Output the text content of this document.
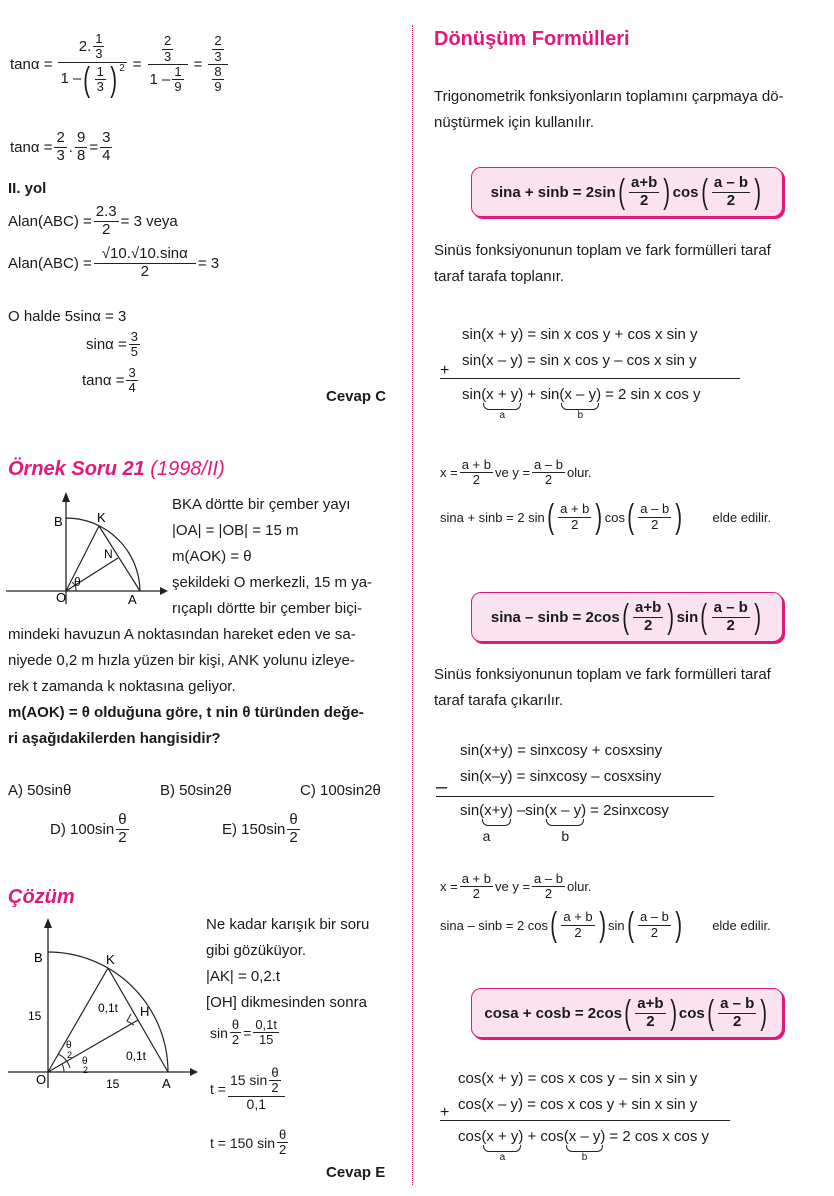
$\tan\alpha = \frac{2. \frac{1}{3}}{1 - ( \frac{1}{3} )^2} = \frac{\frac{2}{3}}{1 - \frac{1}{9}} = \frac{\frac{2}{3}}{\frac{8}{9}}$
$\tan\alpha = \frac{2}{3}$ . $\frac{9}{8} = \frac{3}{4}$
II. yol
Alan(ABC) = $\frac{2.3}{2} = 3$ veya
Alan(ABC) = $\frac{√10.√10.\sin\alpha}{2} = 3$
O halde 5sinα = 3
$\sin\alpha = \frac{3}{5}$
$\tan\alpha = \frac{3}{4}$
Cevap C
Örnek Soru 21 (1998/II)
B	K
N
O	A
θ
BKA dörtte bir çember yayı
|OA| = |OB| = 15 m
m(AOK) = θ
şekildeki O merkezli, 15 m ya-
rıçaplı dörtte bir çember biçi-
mindeki havuzun A noktasından hareket eden ve sa-
niyede 0,2 m hızla yüzen bir kişi, ANK yolunu izleye-
rek t zamanda k noktasına geliyor.
m(AOK) = θ olduğuna göre, t nin θ türünden değe-
ri aşağıdakilerden hangisidir?
A) 50sinθ	B) 50sin2θ	C) 100sin2θ
D) $100\sin \frac{\theta}{2}$	E) $150\sin \frac{\theta}{2}$
Çözüm
B	K
H
O	A
15
15
0,1t
0,1t
θ
2
θ
2
Ne kadar karışık bir soru
gibi gözüküyor.
|AK| = 0,2.t
[OH] dikmesinden sonra
$\sin \frac{\theta}{2} = \frac{0,1t}{15}$
$t = \frac{15 \sin \frac{\theta}{2}}{0,1}$
t = 150 $\sin \frac{\theta}{2}$
Cevap E
Dönüşüm Formülleri
Trigonometrik fonksiyonların toplamını çarpmaya dö-
nüştürmek için kullanılır.
sina + sinb = 2sin ( $\frac{a+b}{2}$ ) cos ( $\frac{a - b}{2}$ )
Sinüs fonksiyonunun toplam ve fark formülleri taraf
taraf tarafa toplanır.
sin(x + y) = sin x cos y + cos x sin y
sin(x – y) = sin x cos y – cos x sin y
+
sin (x + y)
a
+ sin (x – y)
b
= 2 sin x cos y
$x = \frac{a + b}{2}$ ve $y = \frac{a - b}{2}$ olur.
sina + sinb = 2 sin ( $\frac{a + b}{2}$ ) cos ( $\frac{a - b}{2}$ ) elde edilir.
sina – sinb = 2cos ( $\frac{a+b}{2}$ ) sin ( $\frac{a - b}{2}$ )
Sinüs fonksiyonunun toplam ve fark formülleri taraf
taraf tarafa çıkarılır.
sin(x+y) = sinxcosy + cosxsiny
sin(x–y) = sinxcosy – cosxsiny
–
sin(x+y)
a
– sin (x – y)
b
= 2sinxcosy
$x = \frac{a + b}{2}$ ve $y = \frac{a - b}{2}$ olur.
sina – sinb = 2 cos ( $\frac{a + b}{2}$ ) sin ( $\frac{a - b}{2}$ ) elde edilir.
cosa + cosb = 2cos ( $\frac{a+b}{2}$ ) cos ( $\frac{a - b}{2}$ )
cos(x + y) = cos x cos y – sin x sin y
cos(x – y) = cos x cos y + sin x sin y
+
cos (x + y)
a
+ cos (x – y)
b
= 2 cos x cos y
